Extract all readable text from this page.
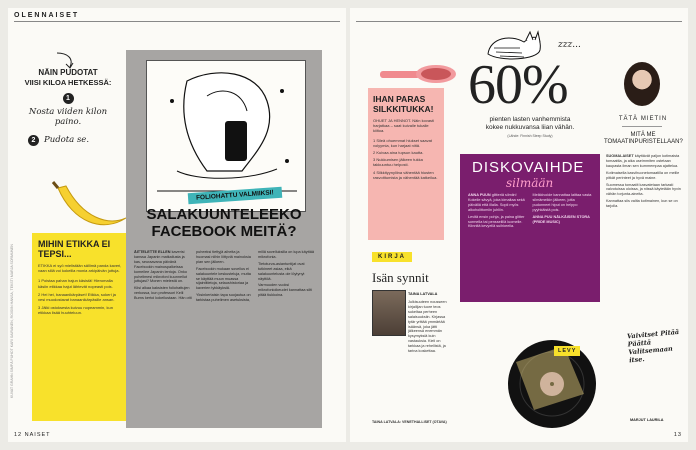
OLENNAISET
KUVAT GRAHN SIMPÄ PUHOT KARI SAIRANEN, ROISIIN HANSA, TEKSTI MARJA SORMUNEN
NÄIN PUDOTAT
VIISI KILOA HETKESSÄ:
1
Nosta viiden kilon paino.
2	Pudota se.
MIHIN ETIKKA EI TEPSI...
ETIKKA ei syö mielistään sällimä panda kaveri, vaan sillä voi kokeilla monia arkipäivän juttuja.
1 Poistaa pahan hajun käsistä! Hieromalla käsiin etikkaa hajut lähtevät nopeasti pois.
2 Hei hei, banaanikärpäset! Etikka, sokeri ja vesi muodostavat banaanikärpäsille ansan.
3 Jälki ostoksesta kuivuu nopeammin, kun etikkaa lisää huuhteluun.
FOLIOHATTU VALMIIKSI!
SALAKUUNTELEEKO FACEBOOK MEITÄ?
ÄITTELETTE ELLEN kaverisi kanssa Japanin matkailusta ja kas, seuraavana päivänä Facebookin mainospalkeissa komeilee Japanin lentoja. Onko puhelimesi mikrofoni kuunnellut juttujasi? Monen mielestä on.

Kiisi alkaa kaksisten foliohattujen verkossa, kun professori Kelli Burns kertoi kokeilustaan. Hän otti puheeksi tiettyjä aiheita ja huomasi niihin liittyviä mainoksia pian sen jälkeen.

Facebookin mukaan sovellus ei salakuuntele keskusteluja, mutta se käyttää muun muassa sijaintitietoja, selaushistoriaa ja kaverien tykkäyksiä.

Yksinkertaisin tapa suojautua on tarkistaa puhelimen asetuksista, millä sovelluksilla on lupa käyttää mikrofonia.

Tietoturva-asiantuntijat ovat tutkineet asiaa, eikä salakuuntelusta ole löytynyt näyttöä.

Varmuuden vuoksi mikrofonioikeudet kannattaa silti pitää tiukkoina.

12 NAISET
IHAN PARAS SILKKITUKKA!
OHUET JA HENNOT. Näin kovasti harjatkaa – saat kuivalle tukalle kiiltoa.
1 Sileä ohuemmat hiukset saavat volyymia, kun harjaat niitä.
2 Kuivaa aina tupsun kautta.
3 Nukkumisen jälkeen tukka takkuuntuu helposti.
4 Silkkityynyliina vähentää hiusten rasvoittumista ja vähentää katkeilua.
zzz...
60%
pienten lasten vanhemmista
kokee nukkuvansa liian vähän.
(Lähde: Finnish Sleep Study)
TÄTÄ MIETIN
MITÄ ME TOMAATINPURISTELLAAN?
SUOMALAISET käyttävät paljon kotimaista tomaattia, ja aika useimmiten ostetaan kaupasta ilman sen kummempaa ajattelua.

Kotimaisella kasvihuonetomaatilla on meille pitkät perinteet ja hyvä maine.

Suomessa tomaatit kasvatetaan tarkasti valvotuissa oloissa, ja niissä käytetään hyvin vähän torjunta-aineita.

Kannattaa siis valita kotimainen, kun se on tarjolla.

Vaivitset Pitää Päättä Valitsemaan itse.
MARJUT LAURILA
KIRJA
Isän synnit
TAINA LATVALA
Julkisuuteen nousseen kirjailijan tuore teos sukeltaa perheen salaisuuksiin. Kirjassa tytär yrittää ymmärtää isäänsä, joka jätti jälkeensä enemmän kysymyksiä kuin vastauksia. Kieli on tarkkaa ja rehellistä, ja tarina koskettaa.
TAINA LATVALA: VENETHALLISET (OTAVA)
DISKOVAIHDE
silmään
ANNA PUUN glitteriä silmiin! Kokeile sävyä, joka kimaltaa sekä päivällä että illalla. Sopii myös alkoholittomiin juhliin.

Levitä ensin pohja, ja paina glitter sormella tai pensselillä luomelle. Kiinnitä kevyellä suihkeella.

Meikkivoide kannattaa laittaa vasta silmämeikin jälkeen, jotta pudonneet hiput on helppo pyyhkäistä pois.

ANNA PUU NÄLKÄISEN STORA (PRIDE MUSIC)

LEVY
13
